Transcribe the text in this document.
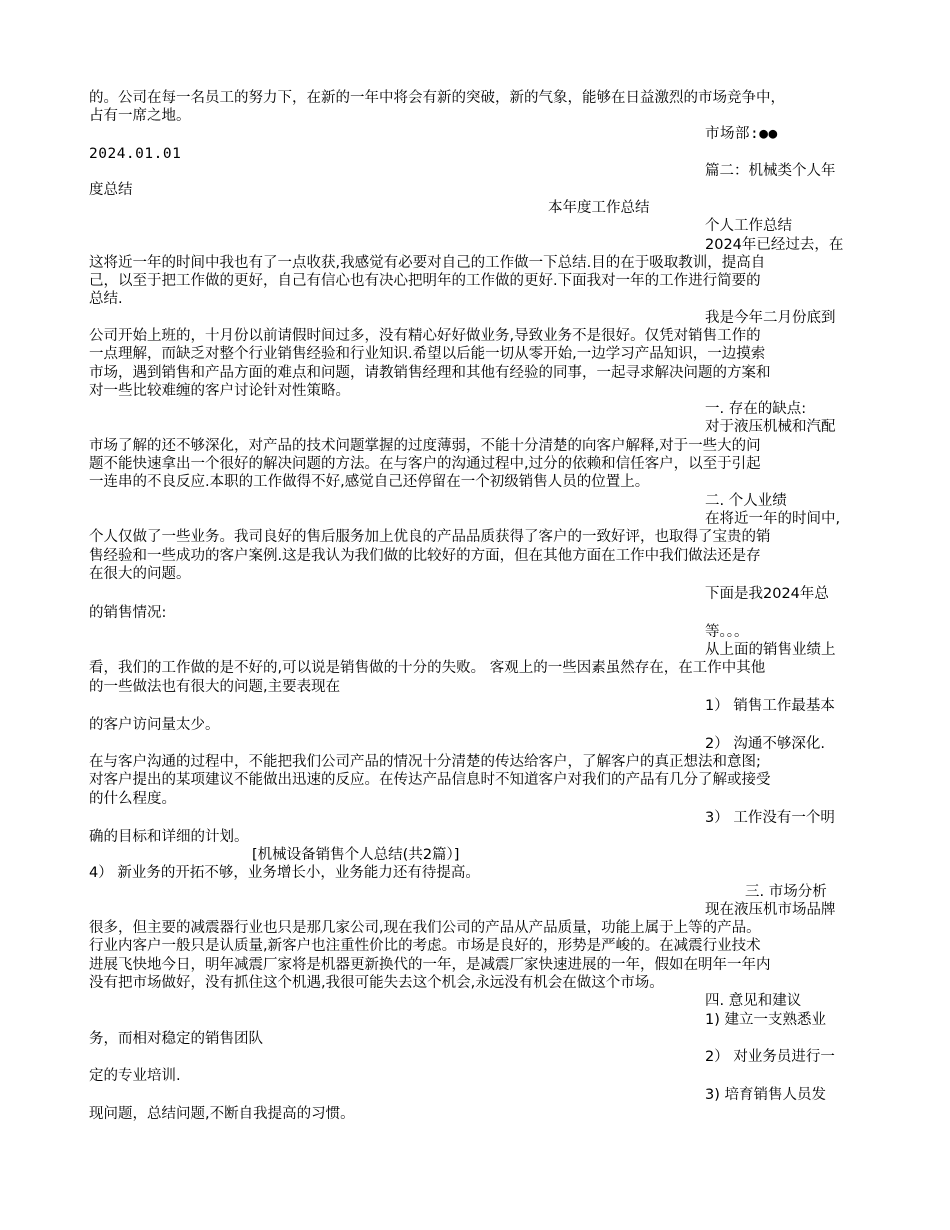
的。公司在每一名员工的努力下，在新的一年中将会有新的突破，新的气象，能够在日益激烈的市场竞争中，

占有一席之地。

市场部:●●

2024.01.01

篇二：机械类个人年

度总结

本年度工作总结

个人工作总结

2024年已经过去，在

这将近一年的时间中我也有了一点收获,我感觉有必要对自己的工作做一下总结.目的在于吸取教训，提高自

己，以至于把工作做的更好，自己有信心也有决心把明年的工作做的更好.下面我对一年的工作进行简要的

总结.

我是今年二月份底到

公司开始上班的，十月份以前请假时间过多，没有精心好好做业务,导致业务不是很好。仅凭对销售工作的

一点理解，而缺乏对整个行业销售经验和行业知识.希望以后能一切从零开始,一边学习产品知识，一边摸索

市场，遇到销售和产品方面的难点和问题，请教销售经理和其他有经验的同事，一起寻求解决问题的方案和

对一些比较难缠的客户讨论针对性策略。

一. 存在的缺点:

对于液压机械和汽配

市场了解的还不够深化，对产品的技术问题掌握的过度薄弱，不能十分清楚的向客户解释,对于一些大的问

题不能快速拿出一个很好的解决问题的方法。在与客户的沟通过程中,过分的依赖和信任客户，以至于引起

一连串的不良反应.本职的工作做得不好,感觉自己还停留在一个初级销售人员的位置上。

二. 个人业绩

在将近一年的时间中,

个人仅做了一些业务。我司良好的售后服务加上优良的产品品质获得了客户的一致好评，也取得了宝贵的销

售经验和一些成功的客户案例.这是我认为我们做的比较好的方面，但在其他方面在工作中我们做法还是存

在很大的问题。

下面是我2024年总

的销售情况:

等。。。

从上面的销售业绩上

看，我们的工作做的是不好的,可以说是销售做的十分的失败。 客观上的一些因素虽然存在，在工作中其他

的一些做法也有很大的问题,主要表现在

1） 销售工作最基本

的客户访问量太少。

2） 沟通不够深化.

在与客户沟通的过程中，不能把我们公司产品的情况十分清楚的传达给客户，了解客户的真正想法和意图;

对客户提出的某项建议不能做出迅速的反应。在传达产品信息时不知道客户对我们的产品有几分了解或接受

的什么程度。

3） 工作没有一个明

确的目标和详细的计划。

[机械设备销售个人总结(共2篇）]

4） 新业务的开拓不够，业务增长小，业务能力还有待提高。

三. 市场分析

现在液压机市场品牌

很多，但主要的减震器行业也只是那几家公司,现在我们公司的产品从产品质量，功能上属于上等的产品。

行业内客户一般只是认质量,新客户也注重性价比的考虑。市场是良好的，形势是严峻的。在减震行业技术

进展飞快地今日，明年减震厂家将是机器更新换代的一年，是减震厂家快速进展的一年，假如在明年一年内

没有把市场做好，没有抓住这个机遇,我很可能失去这个机会,永远没有机会在做这个市场。

四. 意见和建议

1) 建立一支熟悉业

务，而相对稳定的销售团队

2） 对业务员进行一

定的专业培训.

3) 培育销售人员发

现问题，总结问题,不断自我提高的习惯。
